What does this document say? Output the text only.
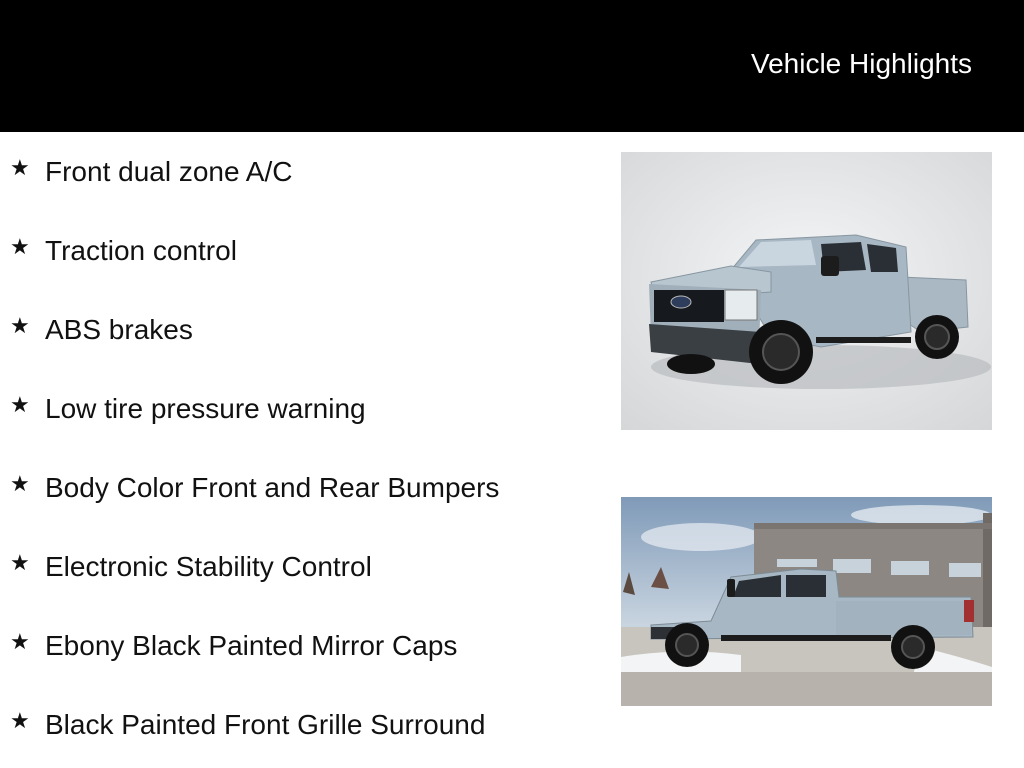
Vehicle Highlights
★ Front dual zone A/C
★ Traction control
★ ABS brakes
★ Low tire pressure warning
★ Body Color Front and Rear Bumpers
★ Electronic Stability Control
★ Ebony Black Painted Mirror Caps
★ Black Painted Front Grille Surround
